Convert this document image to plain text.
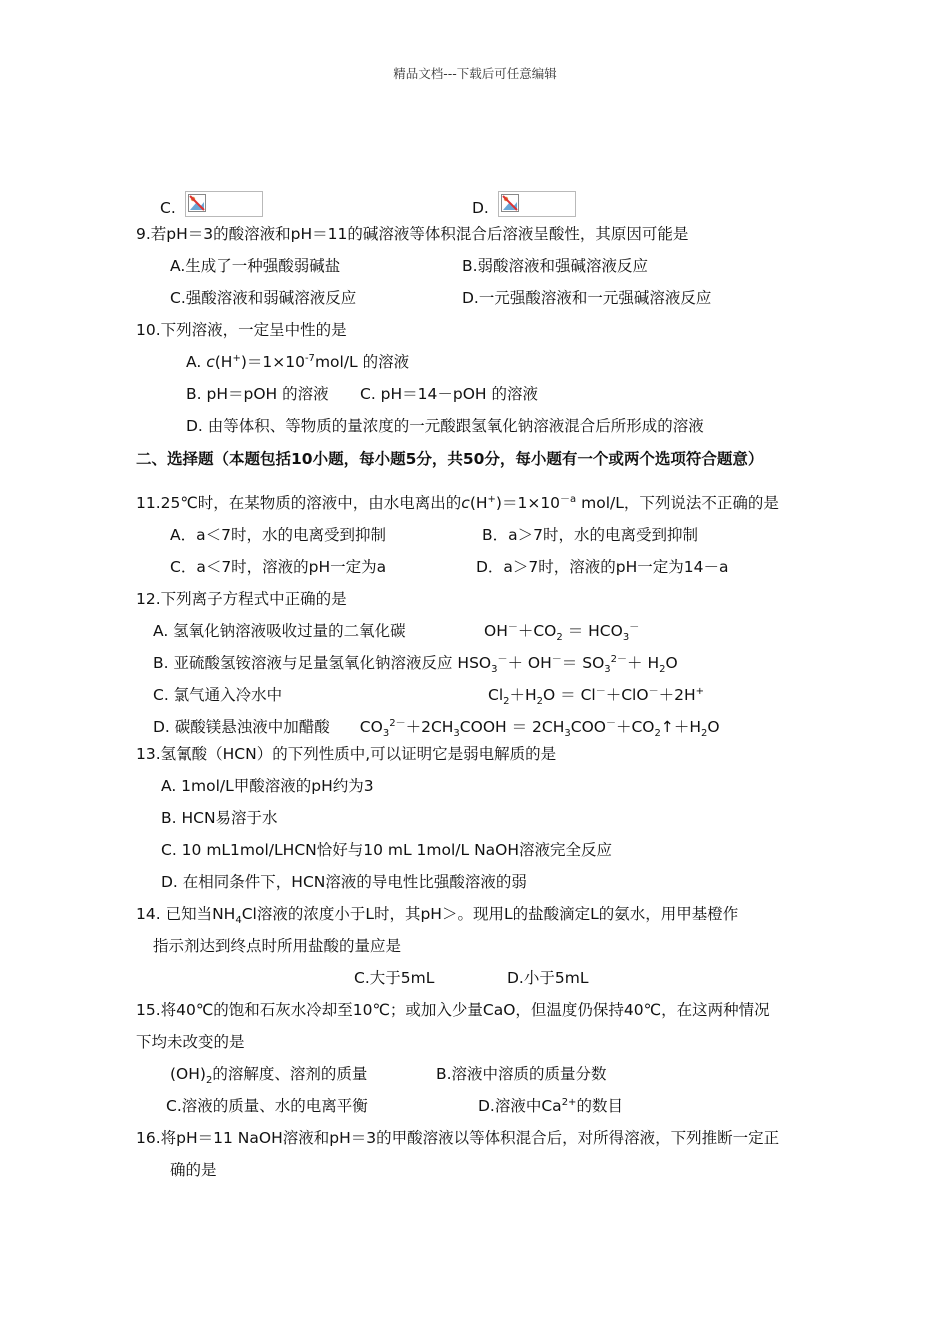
精品文档---下载后可任意编辑
C.	D.
9.若pH＝3的酸溶液和pH＝11的碱溶液等体积混合后溶液呈酸性，其原因可能是
A.生成了一种强酸弱碱盐	B.弱酸溶液和强碱溶液反应
C.强酸溶液和弱碱溶液反应	D.一元强酸溶液和一元强碱溶液反应
10.下列溶液，一定呈中性的是
A. $c(H^+)=1\times 10^{-7}mol/L$ 的溶液
B. pH＝pOH 的溶液 C. pH＝14－pOH 的溶液
D. 由等体积、等物质的量浓度的一元酸跟氢氧化钠溶液混合后所形成的溶液
二、选择题（本题包括10小题，每小题5分，共50分，每小题有一个或两个选项符合题意）
11.25℃时，在某物质的溶液中，由水电离出的$c(H^+)=1\times 10^{-a}$ mol/L，下列说法不正确的是
A．a＜7时，水的电离受到抑制	B．a＞7时，水的电离受到抑制
C．a＜7时，溶液的pH一定为a	D．a＞7时，溶液的pH一定为14－a
12.下列离子方程式中正确的是
A. 氢氧化钠溶液吸收过量的二氧化碳	$OH^-+CO_2 = HCO_3^-$
B. 亚硫酸氢铵溶液与足量氢氧化钠溶液反应 $HSO_3^-+ OH^-= SO_3^{2-}+ H_2O$
C. 氯气通入冷水中	$Cl_2+H_2O = Cl^-+ClO^-+2H^+$
D. 碳酸镁悬浊液中加醋酸 $CO_3^{2-}+2CH_3COOH$ ＝ $2CH_3COO^-+CO_2↑+H_2O$
13.氢氰酸（HCN）的下列性质中,可以证明它是弱电解质的是
A. 1mol/L甲酸溶液的pH约为3
B. HCN易溶于水
C. 10 mL1mol/LHCN恰好与10 mL 1mol/L NaOH溶液完全反应
D. 在相同条件下，HCN溶液的导电性比强酸溶液的弱
14. 已知当$NH_4Cl$溶液的浓度小于L时，其pH＞。现用L的盐酸滴定L的氨水，用甲基橙作
指示剂达到终点时所用盐酸的量应是
C.大于5mL	D.小于5mL
15.将40℃的饱和石灰水冷却至10℃；或加入少量CaO，但温度仍保持40℃，在这两种情况
下均未改变的是
$(OH)_2$的溶解度、溶剂的质量	B.溶液中溶质的质量分数
C.溶液的质量、水的电离平衡	D.溶液中$Ca^{2+}$的数目
16.将pH＝11 NaOH溶液和pH＝3的甲酸溶液以等体积混合后，对所得溶液，下列推断一定正
确的是
